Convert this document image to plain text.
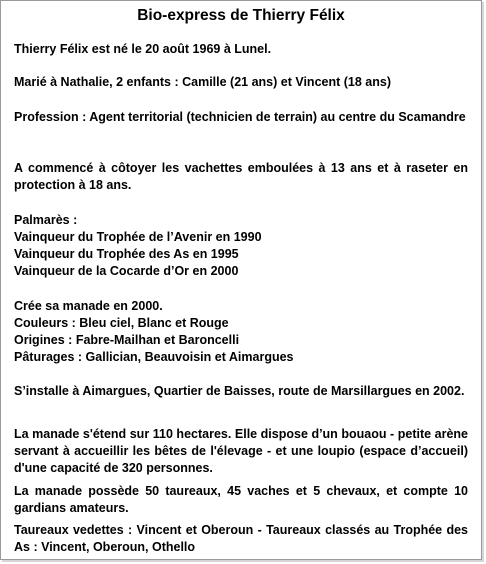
Bio-express de Thierry Félix

Thierry Félix est né le 20 août 1969 à Lunel.

Marié à Nathalie, 2 enfants : Camille (21 ans) et Vincent (18 ans)

Profession : Agent territorial (technicien de terrain) au centre du Scamandre

A commencé à côtoyer les vachettes emboulées à 13 ans et à raseter en protection à 18 ans.

Palmarès :
Vainqueur du Trophée de l’Avenir en 1990
Vainqueur du Trophée des As en 1995
Vainqueur de la Cocarde d’Or en 2000
Crée sa manade en 2000.
Couleurs : Bleu ciel, Blanc et Rouge
Origines : Fabre-Mailhan et Baroncelli
Pâturages : Gallician, Beauvoisin et Aimargues

S’installe à Aimargues, Quartier de Baisses, route de Marsillargues en 2002.

La manade s'étend sur 110 hectares. Elle dispose d’un bouaou - petite arène servant à accueillir les bêtes de l'élevage - et une loupio (espace d’accueil) d'une capacité de 320 personnes.

La manade possède 50 taureaux, 45 vaches et 5 chevaux, et compte 10 gardians amateurs.

Taureaux vedettes : Vincent et Oberoun - Taureaux classés au Trophée des As : Vincent, Oberoun, Othello
